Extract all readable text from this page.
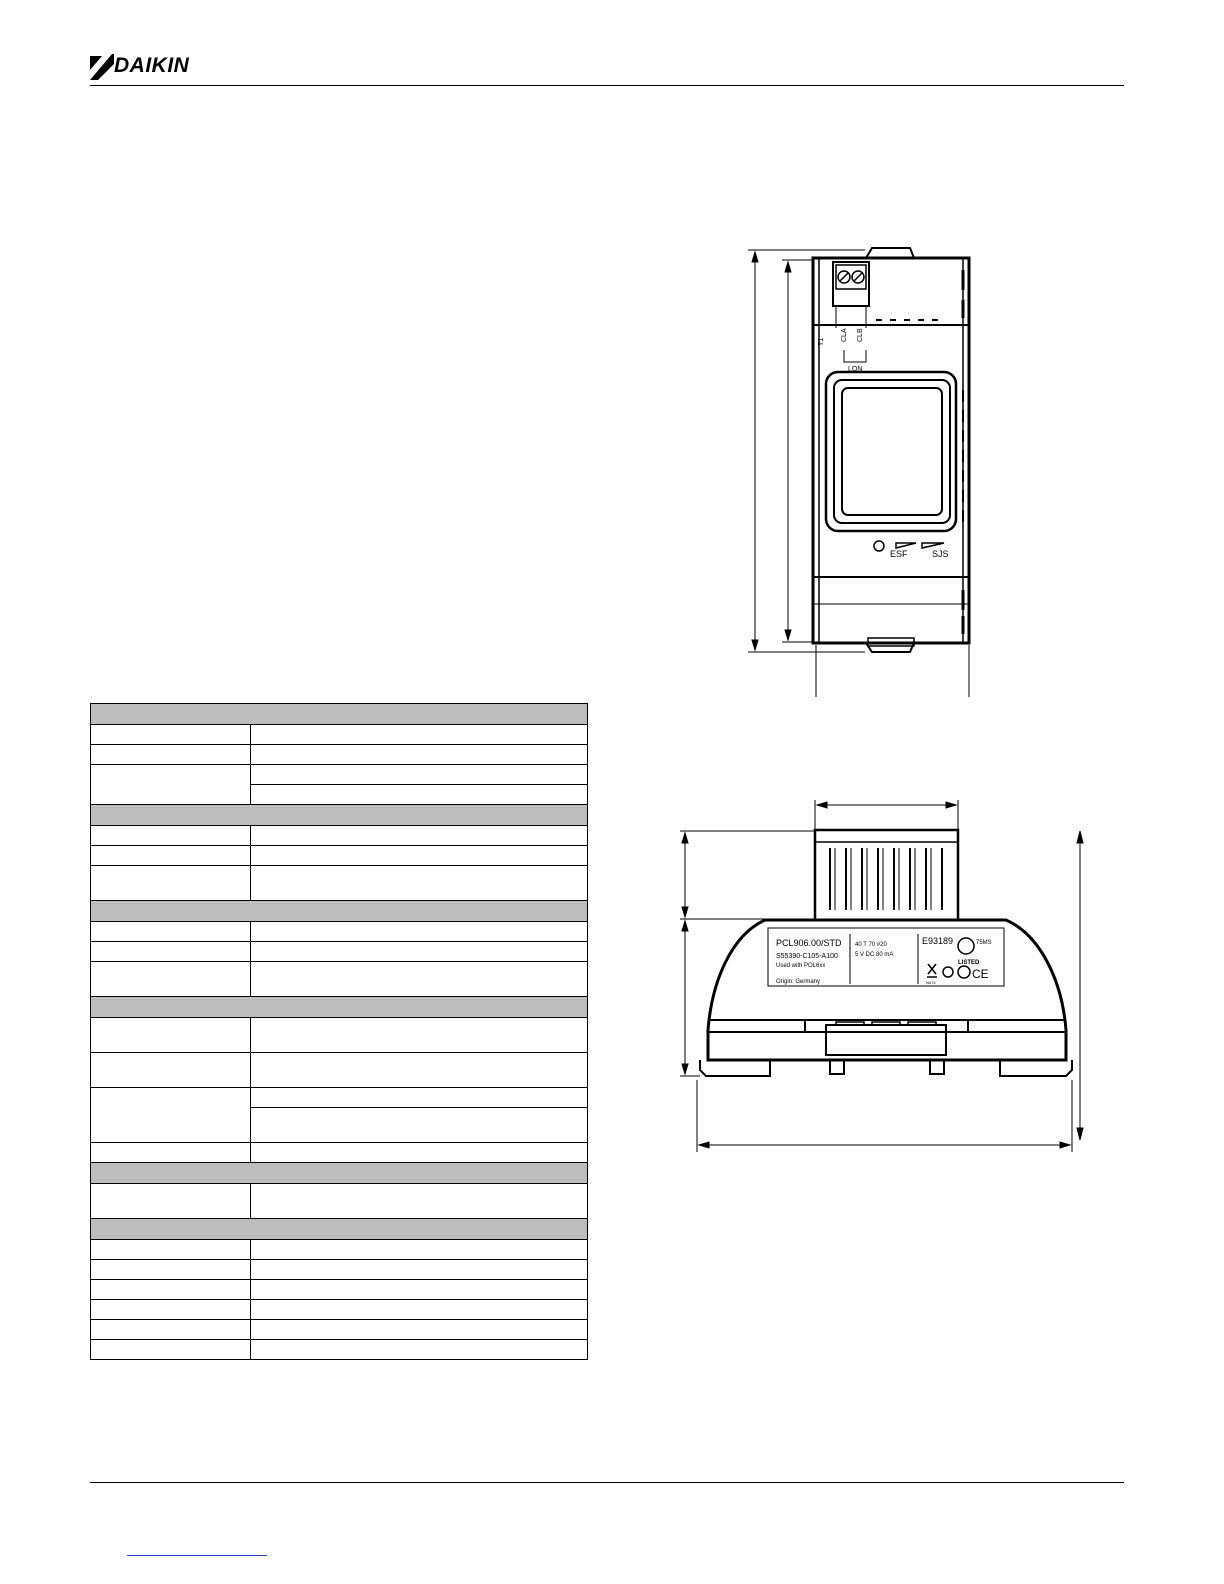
DAIKIN

T1 CLA CLB
LON
ESF	SJS
PCL906.00/STD
S55390-C105-A100
Used with POL6xx
Origin: Germany
40 T 70 #20
5 V DC 80 mA
E93189	75MS
LISTED
CE
N474
